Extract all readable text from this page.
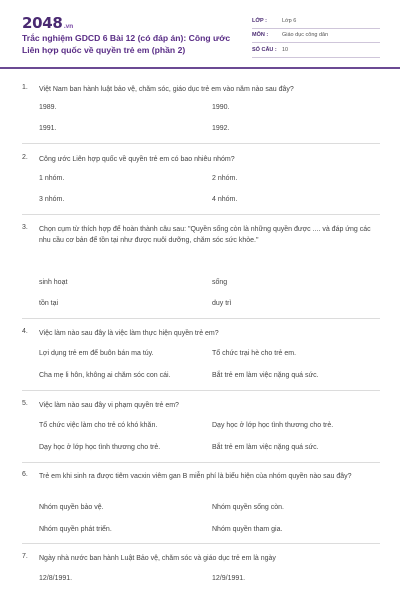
2048.vn
Trắc nghiệm GDCD 6 Bài 12 (có đáp án): Công ước Liên hợp quốc về quyền trẻ em (phần 2)
LỚP :	Lớp 6
MÔN :	Giáo dục công dân
SỐ CÂU : 10
1. Việt Nam ban hành luật bảo vệ, chăm sóc, giáo dục trẻ em vào năm nào sau đây?
1989.	1990.
1991.	1992.
2. Công ước Liên hợp quốc về quyền trẻ em có bao nhiêu nhóm?
1 nhóm.	2 nhóm.
3 nhóm.	4 nhóm.
3. Chọn cụm từ thích hợp để hoàn thành câu sau: "Quyền sống còn là những quyền được .... và đáp ứng các nhu cầu cơ bản để tồn tại như được nuôi dưỡng, chăm sóc sức khỏe."
sinh hoạt	sống
tồn tại	duy trì
4. Việc làm nào sau đây là việc làm thực hiện quyền trẻ em?
Lợi dụng trẻ em để buôn bán ma túy.	Tổ chức trại hè cho trẻ em.
Cha mẹ li hôn, không ai chăm sóc con cái.	Bắt trẻ em làm việc nặng quá sức.
5. Việc làm nào sau đây vi phạm quyền trẻ em?
Tổ chức việc làm cho trẻ có khó khăn.	Dạy học ở lớp học tình thương cho trẻ.
Dạy học ở lớp học tình thương cho trẻ.	Bắt trẻ em làm việc nặng quá sức.
6. Trẻ em khi sinh ra được tiêm vacxin viêm gan B miễn phí là biểu hiện của nhóm quyền nào sau đây?
Nhóm quyền bảo vệ.	Nhóm quyền sống còn.
Nhóm quyền phát triển.	Nhóm quyền tham gia.
7. Ngày nhà nước ban hành Luật Bảo vệ, chăm sóc và giáo dục trẻ em là ngày
12/8/1991.	12/9/1991.
